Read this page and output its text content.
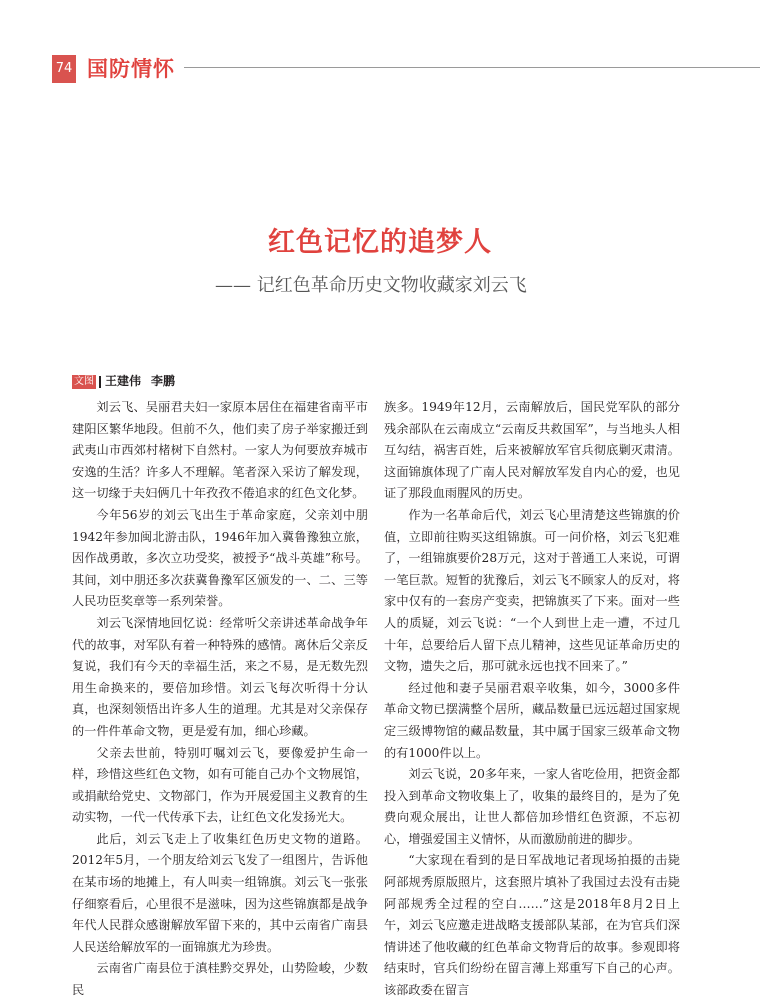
74 国防情怀
红色记忆的追梦人
—— 记红色革命历史文物收藏家刘云飞
文图 王建伟 李鹏

刘云飞、吴丽君夫妇一家原本居住在福建省南平市建阳区繁华地段。但前不久，他们卖了房子举家搬迁到武夷山市西郊村楮树下自然村。一家人为何要放弃城市安逸的生活？许多人不理解。笔者深入采访了解发现，这一切缘于夫妇俩几十年孜孜不倦追求的红色文化梦。

今年56岁的刘云飞出生于革命家庭，父亲刘中朋1942年参加闽北游击队，1946年加入冀鲁豫独立旅，因作战勇敢，多次立功受奖，被授予“战斗英雄”称号。其间，刘中朋还多次获冀鲁豫军区颁发的一、二、三等人民功臣奖章等一系列荣誉。

刘云飞深情地回忆说：经常听父亲讲述革命战争年代的故事，对军队有着一种特殊的感情。离休后父亲反复说，我们有今天的幸福生活，来之不易，是无数先烈用生命换来的，要倍加珍惜。刘云飞每次听得十分认真，也深刻领悟出许多人生的道理。尤其是对父亲保存的一件件革命文物，更是爱有加，细心珍藏。

父亲去世前，特别叮嘱刘云飞，要像爱护生命一样，珍惜这些红色文物，如有可能自己办个文物展馆，或捐献给党史、文物部门，作为开展爱国主义教育的生动实物，一代一代传承下去，让红色文化发扬光大。

此后，刘云飞走上了收集红色历史文物的道路。2012年5月，一个朋友给刘云飞发了一组图片，告诉他在某市场的地摊上，有人叫卖一组锦旗。刘云飞一张张仔细察看后，心里很不是滋味，因为这些锦旗都是战争年代人民群众感谢解放军留下来的，其中云南省广南县人民送给解放军的一面锦旗尤为珍贵。

云南省广南县位于滇桂黔交界处，山势险峻，少数民

族多。1949年12月，云南解放后，国民党军队的部分残余部队在云南成立“云南反共救国军”，与当地头人相互勾结，祸害百姓，后来被解放军官兵彻底剿灭肃清。这面锦旗体现了广南人民对解放军发自内心的爱，也见证了那段血雨腥风的历史。

作为一名革命后代，刘云飞心里清楚这些锦旗的价值，立即前往购买这组锦旗。可一问价格，刘云飞犯难了，一组锦旗要价28万元，这对于普通工人来说，可谓一笔巨款。短暂的犹豫后，刘云飞不顾家人的反对，将家中仅有的一套房产变卖，把锦旗买了下来。面对一些人的质疑，刘云飞说：“一个人到世上走一遭，不过几十年，总要给后人留下点儿精神，这些见证革命历史的文物，遗失之后，那可就永远也找不回来了。”

经过他和妻子吴丽君艰辛收集，如今，3000多件革命文物已摆满整个居所，藏品数量已远远超过国家规定三级博物馆的藏品数量，其中属于国家三级革命文物的有1000件以上。

刘云飞说，20多年来，一家人省吃俭用，把资金都投入到革命文物收集上了，收集的最终目的，是为了免费向观众展出，让世人都倍加珍惜红色资源，不忘初心，增强爱国主义情怀，从而激励前进的脚步。

“大家现在看到的是日军战地记者现场拍摄的击毙阿部规秀原版照片，这套照片填补了我国过去没有击毙阿部规秀全过程的空白……”这是2018年8月2日上午，刘云飞应邀走进战略支援部队某部，在为官兵们深情讲述了他收藏的红色革命文物背后的故事。参观即将结束时，官兵们纷纷在留言薄上郑重写下自己的心声。该部政委在留言
